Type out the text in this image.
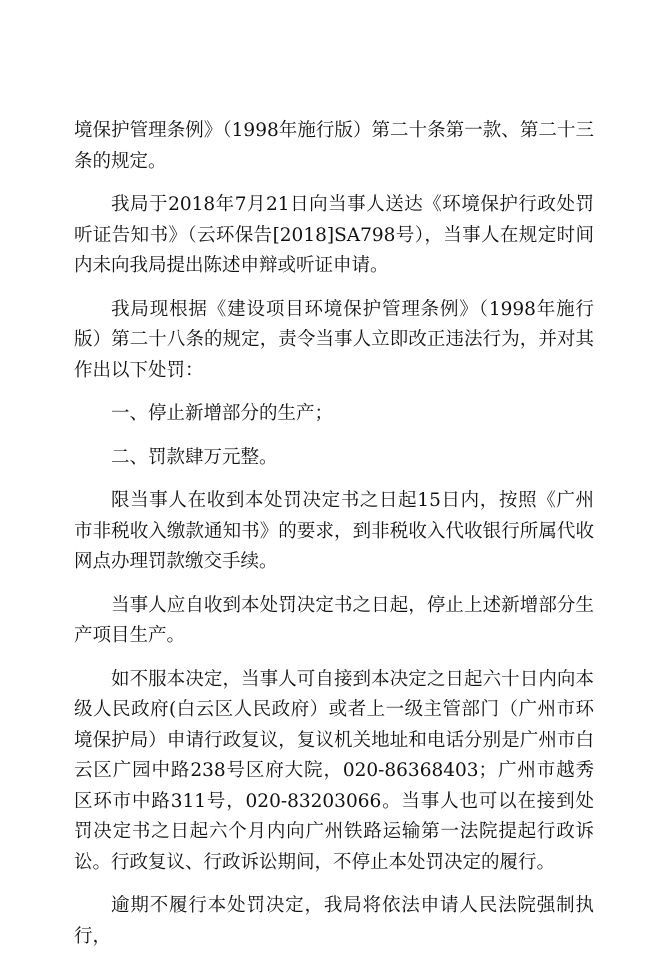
境保护管理条例》（1998年施行版）第二十条第一款、第二十三条的规定。

我局于2018年7月21日向当事人送达《环境保护行政处罚听证告知书》（云环保告[2018]SA798号），当事人在规定时间内未向我局提出陈述申辩或听证申请。

我局现根据《建设项目环境保护管理条例》（1998年施行版）第二十八条的规定，责令当事人立即改正违法行为，并对其作出以下处罚：

一、停止新增部分的生产；

二、罚款肆万元整。

限当事人在收到本处罚决定书之日起15日内，按照《广州市非税收入缴款通知书》的要求，到非税收入代收银行所属代收网点办理罚款缴交手续。

当事人应自收到本处罚决定书之日起，停止上述新增部分生产项目生产。

如不服本决定，当事人可自接到本决定之日起六十日内向本级人民政府(白云区人民政府）或者上一级主管部门（广州市环境保护局）申请行政复议，复议机关地址和电话分别是广州市白云区广园中路238号区府大院，020-86368403；广州市越秀区环市中路311号，020-83203066。当事人也可以在接到处罚决定书之日起六个月内向广州铁路运输第一法院提起行政诉讼。行政复议、行政诉讼期间，不停止本处罚决定的履行。

逾期不履行本处罚决定，我局将依法申请人民法院强制执行，
